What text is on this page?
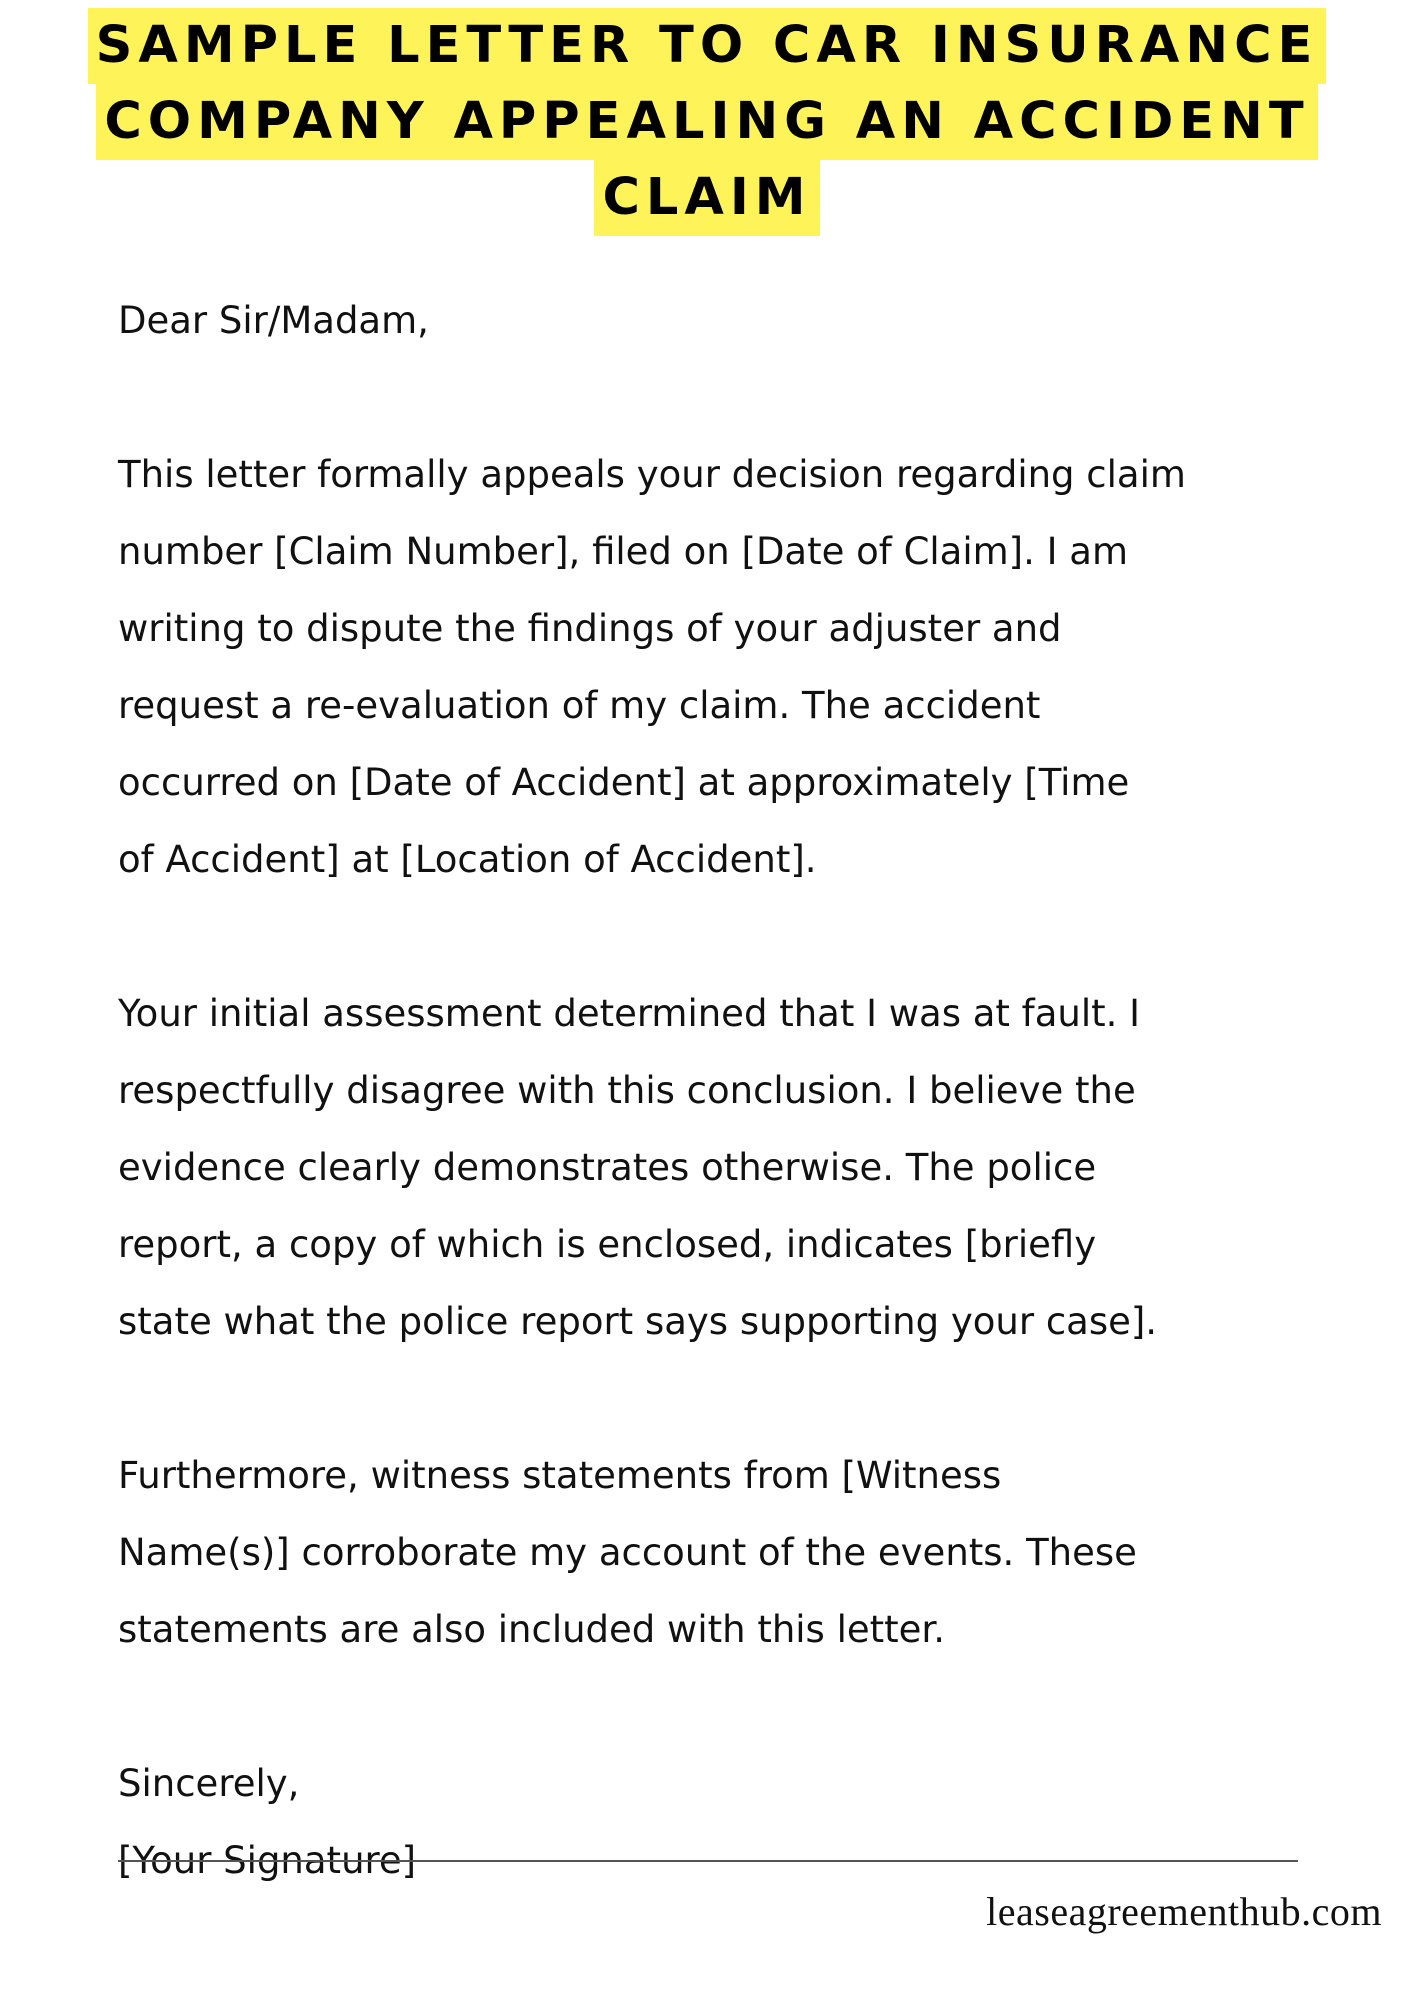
SAMPLE LETTER TO CAR INSURANCE
COMPANY APPEALING AN ACCIDENT
CLAIM

Dear Sir/Madam,

This letter formally appeals your decision regarding claim
number [Claim Number], filed on [Date of Claim]. I am
writing to dispute the findings of your adjuster and
request a re-evaluation of my claim. The accident
occurred on [Date of Accident] at approximately [Time
of Accident] at [Location of Accident].

Your initial assessment determined that I was at fault. I
respectfully disagree with this conclusion. I believe the
evidence clearly demonstrates otherwise. The police
report, a copy of which is enclosed, indicates [briefly
state what the police report says supporting your case].

Furthermore, witness statements from [Witness
Name(s)] corroborate my account of the events. These
statements are also included with this letter.

Sincerely,
[Your Signature]

leaseagreementhub.com
